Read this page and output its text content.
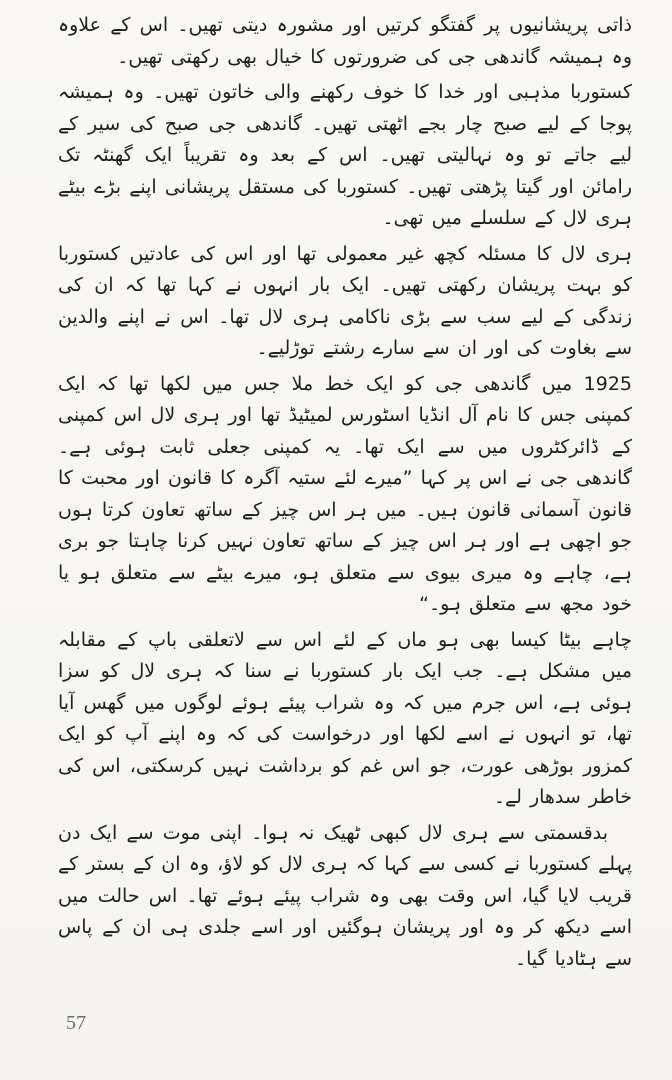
ذاتی پریشانیوں پر گفتگو کرتیں اور مشورہ دیتی تھیں۔ اس کے علاوہ وہ ہمیشہ گاندھی جی کی ضرورتوں کا خیال بھی رکھتی تھیں۔

کستوربا مذہبی اور خدا کا خوف رکھنے والی خاتون تھیں۔ وہ ہمیشہ پوجا کے لیے صبح چار بجے اٹھتی تھیں۔ گاندھی جی صبح کی سیر کے لیے جاتے تو وہ نہالیتی تھیں۔ اس کے بعد وہ تقریباً ایک گھنٹہ تک رامائن اور گیتا پڑھتی تھیں۔ کستوربا کی مستقل پریشانی اپنے بڑے بیٹے ہری لال کے سلسلے میں تھی۔

ہری لال کا مسئلہ کچھ غیر معمولی تھا اور اس کی عادتیں کستوربا کو بہت پریشان رکھتی تھیں۔ ایک بار انہوں نے کہا تھا کہ ان کی زندگی کے لیے سب سے بڑی ناکامی ہری لال تھا۔ اس نے اپنے والدین سے بغاوت کی اور ان سے سارے رشتے توڑلیے۔

1925 میں گاندھی جی کو ایک خط ملا جس میں لکھا تھا کہ ایک کمپنی جس کا نام آل انڈیا اسٹورس لمیٹیڈ تھا اور ہری لال اس کمپنی کے ڈائرکٹروں میں سے ایک تھا۔ یہ کمپنی جعلی ثابت ہوئی ہے۔ گاندھی جی نے اس پر کہا ”میرے لئے ستیہ آگرہ کا قانون اور محبت کا قانون آسمانی قانون ہیں۔ میں ہر اس چیز کے ساتھ تعاون کرتا ہوں جو اچھی ہے اور ہر اس چیز کے ساتھ تعاون نہیں کرنا چاہتا جو بری ہے، چاہے وہ میری بیوی سے متعلق ہو، میرے بیٹے سے متعلق ہو یا خود مجھ سے متعلق ہو۔“

چاہے بیٹا کیسا بھی ہو ماں کے لئے اس سے لاتعلقی باپ کے مقابلہ میں مشکل ہے۔ جب ایک بار کستوربا نے سنا کہ ہری لال کو سزا ہوئی ہے، اس جرم میں کہ وہ شراب پیئے ہوئے لوگوں میں گھس آیا تھا، تو انہوں نے اسے لکھا اور درخواست کی کہ وہ اپنے آپ کو ایک کمزور بوڑھی عورت، جو اس غم کو برداشت نہیں کرسکتی، اس کی خاطر سدھار لے۔

بدقسمتی سے ہری لال کبھی ٹھیک نہ ہوا۔ اپنی موت سے ایک دن پہلے کستوربا نے کسی سے کہا کہ ہری لال کو لاؤ، وہ ان کے بستر کے قریب لایا گیا، اس وقت بھی وہ شراب پیئے ہوئے تھا۔ اس حالت میں اسے دیکھ کر وہ اور پریشان ہوگئیں اور اسے جلدی ہی ان کے پاس سے ہٹادیا گیا۔

57
